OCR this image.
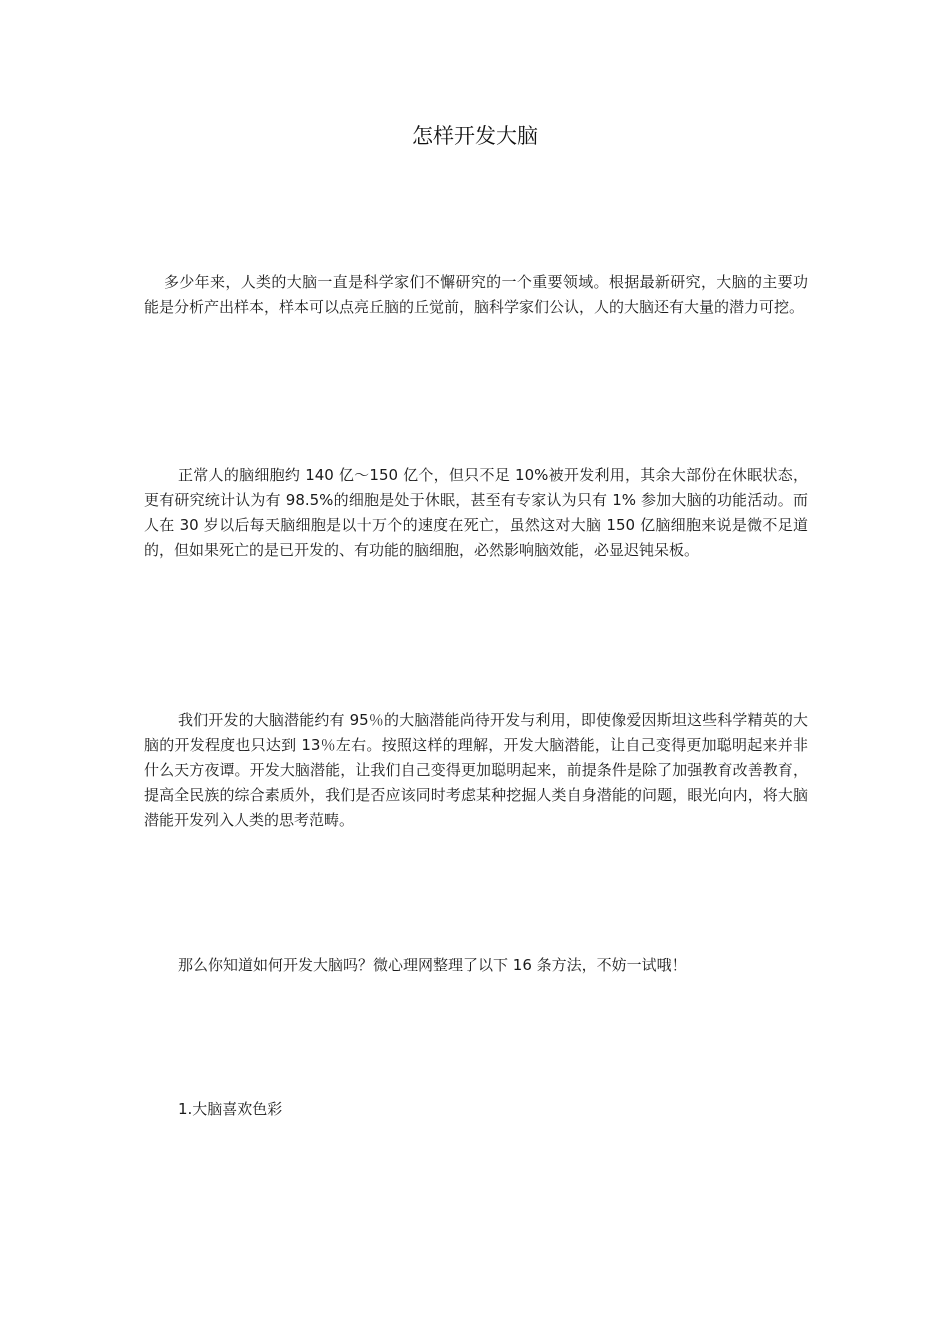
怎样开发大脑

多少年来，人类的大脑一直是科学家们不懈研究的一个重要领域。根据最新研究，大脑的主要功能是分析产出样本，样本可以点亮丘脑的丘觉前，脑科学家们公认，人的大脑还有大量的潜力可挖。

正常人的脑细胞约 140 亿～150 亿个，但只不足 10%被开发利用，其余大部份在休眠状态，更有研究统计认为有 98.5%的细胞是处于休眠，甚至有专家认为只有 1% 参加大脑的功能活动。而人在 30 岁以后每天脑细胞是以十万个的速度在死亡，虽然这对大脑 150 亿脑细胞来说是微不足道的，但如果死亡的是已开发的、有功能的脑细胞，必然影响脑效能，必显迟钝呆板。

我们开发的大脑潜能约有 95％的大脑潜能尚待开发与利用，即使像爱因斯坦这些科学精英的大脑的开发程度也只达到 13％左右。按照这样的理解，开发大脑潜能，让自己变得更加聪明起来并非什么天方夜谭。开发大脑潜能，让我们自己变得更加聪明起来，前提条件是除了加强教育改善教育，提高全民族的综合素质外，我们是否应该同时考虑某种挖掘人类自身潜能的问题，眼光向内，将大脑潜能开发列入人类的思考范畴。

那么你知道如何开发大脑吗？微心理网整理了以下 16 条方法，不妨一试哦！

1.大脑喜欢色彩
